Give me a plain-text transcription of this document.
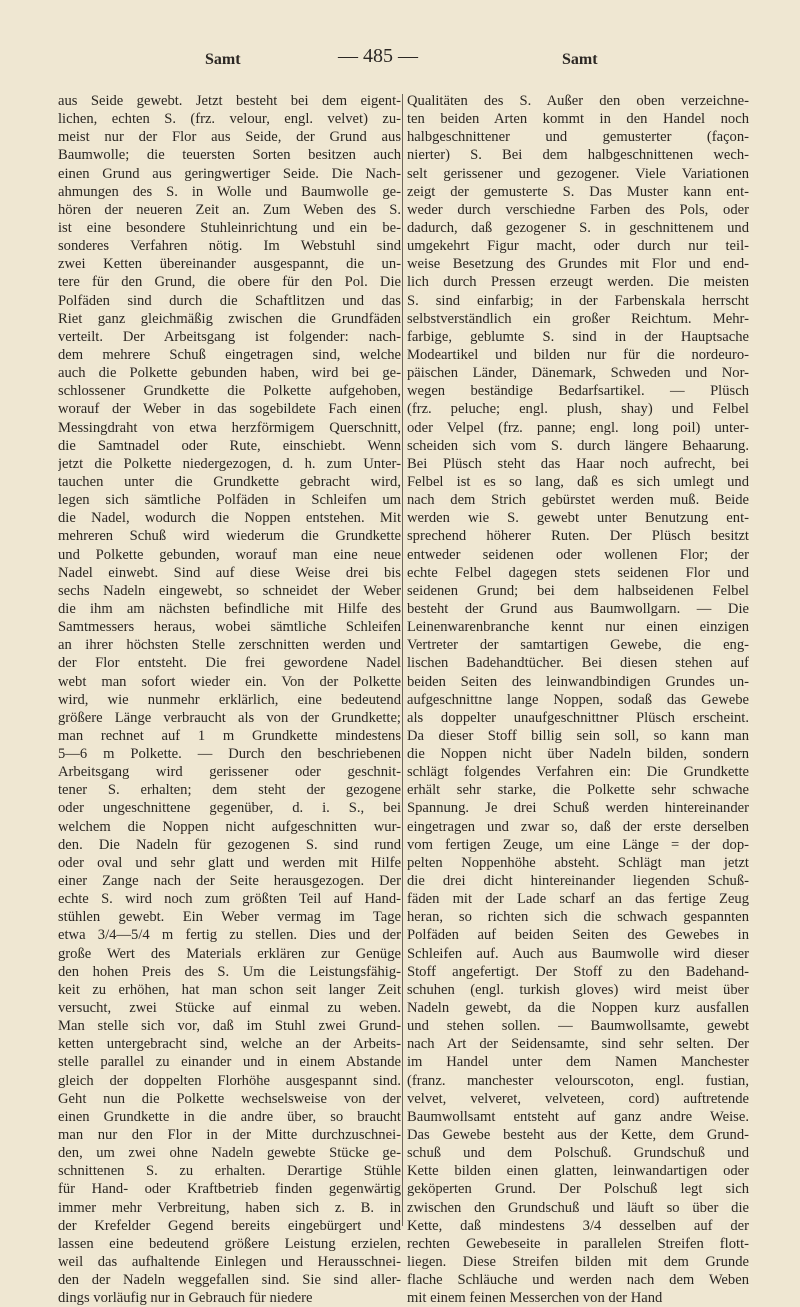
Samt	— 485 —	Samt
aus Seide gewebt. Jetzt besteht bei dem eigent-
lichen, echten S. (frz. velour, engl. velvet) zu-
meist nur der Flor aus Seide, der Grund aus
Baumwolle; die teuersten Sorten besitzen auch
einen Grund aus geringwertiger Seide. Die Nach-
ahmungen des S. in Wolle und Baumwolle ge-
hören der neueren Zeit an. Zum Weben des S.
ist eine besondere Stuhleinrichtung und ein be-
sonderes Verfahren nötig. Im Webstuhl sind
zwei Ketten übereinander ausgespannt, die un-
tere für den Grund, die obere für den Pol. Die
Polfäden sind durch die Schaftlitzen und das
Riet ganz gleichmäßig zwischen die Grundfäden
verteilt. Der Arbeitsgang ist folgender: nach-
dem mehrere Schuß eingetragen sind, welche
auch die Polkette gebunden haben, wird bei ge-
schlossener Grundkette die Polkette aufgehoben,
worauf der Weber in das sogebildete Fach einen
Messingdraht von etwa herzförmigem Querschnitt,
die Samtnadel oder Rute, einschiebt. Wenn
jetzt die Polkette niedergezogen, d. h. zum Unter-
tauchen unter die Grundkette gebracht wird,
legen sich sämtliche Polfäden in Schleifen um
die Nadel, wodurch die Noppen entstehen. Mit
mehreren Schuß wird wiederum die Grundkette
und Polkette gebunden, worauf man eine neue
Nadel einwebt. Sind auf diese Weise drei bis
sechs Nadeln eingewebt, so schneidet der Weber
die ihm am nächsten befindliche mit Hilfe des
Samtmessers heraus, wobei sämtliche Schleifen
an ihrer höchsten Stelle zerschnitten werden und
der Flor entsteht. Die frei gewordene Nadel
webt man sofort wieder ein. Von der Polkette
wird, wie nunmehr erklärlich, eine bedeutend
größere Länge verbraucht als von der Grundkette;
man rechnet auf 1 m Grundkette mindestens
5—6 m Polkette. — Durch den beschriebenen
Arbeitsgang wird gerissener oder geschnit-
tener S. erhalten; dem steht der gezogene
oder ungeschnittene gegenüber, d. i. S., bei
welchem die Noppen nicht aufgeschnitten wur-
den. Die Nadeln für gezogenen S. sind rund
oder oval und sehr glatt und werden mit Hilfe
einer Zange nach der Seite herausgezogen. Der
echte S. wird noch zum größten Teil auf Hand-
stühlen gewebt. Ein Weber vermag im Tage
etwa 3/4—5/4 m fertig zu stellen. Dies und der
große Wert des Materials erklären zur Genüge
den hohen Preis des S. Um die Leistungsfähig-
keit zu erhöhen, hat man schon seit langer Zeit
versucht, zwei Stücke auf einmal zu weben.
Man stelle sich vor, daß im Stuhl zwei Grund-
ketten untergebracht sind, welche an der Arbeits-
stelle parallel zu einander und in einem Abstande
gleich der doppelten Florhöhe ausgespannt sind.
Geht nun die Polkette wechselsweise von der
einen Grundkette in die andre über, so braucht
man nur den Flor in der Mitte durchzuschnei-
den, um zwei ohne Nadeln gewebte Stücke ge-
schnittenen S. zu erhalten. Derartige Stühle
für Hand- oder Kraftbetrieb finden gegenwärtig
immer mehr Verbreitung, haben sich z. B. in
der Krefelder Gegend bereits eingebürgert und
lassen eine bedeutend größere Leistung erzielen,
weil das aufhaltende Einlegen und Herausschnei-
den der Nadeln weggefallen sind. Sie sind aller-
dings vorläufig nur in Gebrauch für niedere
Qualitäten des S. Außer den oben verzeichne-
ten beiden Arten kommt in den Handel noch
halbgeschnittener und gemusterter (façon-
nierter) S. Bei dem halbgeschnittenen wech-
selt gerissener und gezogener. Viele Variationen
zeigt der gemusterte S. Das Muster kann ent-
weder durch verschiedne Farben des Pols, oder
dadurch, daß gezogener S. in geschnittenem und
umgekehrt Figur macht, oder durch nur teil-
weise Besetzung des Grundes mit Flor und end-
lich durch Pressen erzeugt werden. Die meisten
S. sind einfarbig; in der Farbenskala herrscht
selbstverständlich ein großer Reichtum. Mehr-
farbige, geblumte S. sind in der Hauptsache
Modeartikel und bilden nur für die nordeuro-
päischen Länder, Dänemark, Schweden und Nor-
wegen beständige Bedarfsartikel. — Plüsch
(frz. peluche; engl. plush, shay) und Felbel
oder Velpel (frz. panne; engl. long poil) unter-
scheiden sich vom S. durch längere Behaarung.
Bei Plüsch steht das Haar noch aufrecht, bei
Felbel ist es so lang, daß es sich umlegt und
nach dem Strich gebürstet werden muß. Beide
werden wie S. gewebt unter Benutzung ent-
sprechend höherer Ruten. Der Plüsch besitzt
entweder seidenen oder wollenen Flor; der
echte Felbel dagegen stets seidenen Flor und
seidenen Grund; bei dem halbseidenen Felbel
besteht der Grund aus Baumwollgarn. — Die
Leinenwarenbranche kennt nur einen einzigen
Vertreter der samtartigen Gewebe, die eng-
lischen Badehandtücher. Bei diesen stehen auf
beiden Seiten des leinwandbindigen Grundes un-
aufgeschnittne lange Noppen, sodaß das Gewebe
als doppelter unaufgeschnittner Plüsch erscheint.
Da dieser Stoff billig sein soll, so kann man
die Noppen nicht über Nadeln bilden, sondern
schlägt folgendes Verfahren ein: Die Grundkette
erhält sehr starke, die Polkette sehr schwache
Spannung. Je drei Schuß werden hintereinander
eingetragen und zwar so, daß der erste derselben
vom fertigen Zeuge, um eine Länge = der dop-
pelten Noppenhöhe absteht. Schlägt man jetzt
die drei dicht hintereinander liegenden Schuß-
fäden mit der Lade scharf an das fertige Zeug
heran, so richten sich die schwach gespannten
Polfäden auf beiden Seiten des Gewebes in
Schleifen auf. Auch aus Baumwolle wird dieser
Stoff angefertigt. Der Stoff zu den Badehand-
schuhen (engl. turkish gloves) wird meist über
Nadeln gewebt, da die Noppen kurz ausfallen
und stehen sollen. — Baumwollsamte, gewebt
nach Art der Seidensamte, sind sehr selten. Der
im Handel unter dem Namen Manchester
(franz. manchester velourscoton, engl. fustian,
velvet, velveret, velveteen, cord) auftretende
Baumwollsamt entsteht auf ganz andre Weise.
Das Gewebe besteht aus der Kette, dem Grund-
schuß und dem Polschuß. Grundschuß und
Kette bilden einen glatten, leinwandartigen oder
geköperten Grund. Der Polschuß legt sich
zwischen den Grundschuß und läuft so über die
Kette, daß mindestens 3/4 desselben auf der
rechten Gewebeseite in parallelen Streifen flott-
liegen. Diese Streifen bilden mit dem Grunde
flache Schläuche und werden nach dem Weben
mit einem feinen Messerchen von der Hand
